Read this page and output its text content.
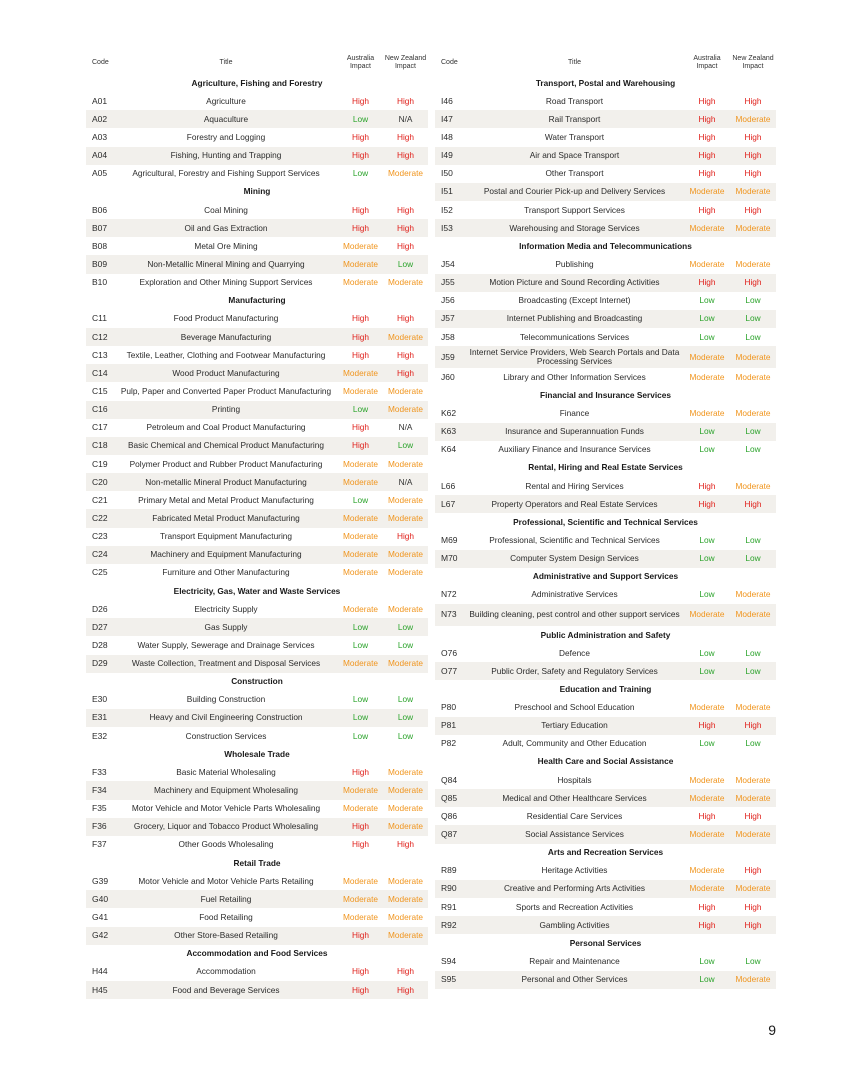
Code	Title	Australia Impact	New Zealand Impact
Agriculture, Fishing and Forestry			
A01	Agriculture	High	High
A02	Aquaculture	Low	N/A
A03	Forestry and Logging	High	High
A04	Fishing, Hunting and Trapping	High	High
A05	Agricultural, Forestry and Fishing Support Services	Low	Moderate
Mining			
B06	Coal Mining	High	High
B07	Oil and Gas Extraction	High	High
B08	Metal Ore Mining	Moderate	High
B09	Non-Metallic Mineral Mining and Quarrying	Moderate	Low
B10	Exploration and Other Mining Support Services	Moderate	Moderate
Manufacturing			
C11	Food Product Manufacturing	High	High
C12	Beverage Manufacturing	High	Moderate
C13	Textile, Leather, Clothing and Footwear Manufacturing	High	High
C14	Wood Product Manufacturing	Moderate	High
C15	Pulp, Paper and Converted Paper Product Manufacturing	Moderate	Moderate
C16	Printing	Low	Moderate
C17	Petroleum and Coal Product Manufacturing	High	N/A
C18	Basic Chemical and Chemical Product Manufacturing	High	Low
C19	Polymer Product and Rubber Product Manufacturing	Moderate	Moderate
C20	Non-metallic Mineral Product Manufacturing	Moderate	N/A
C21	Primary Metal and Metal Product Manufacturing	Low	Moderate
C22	Fabricated Metal Product Manufacturing	Moderate	Moderate
C23	Transport Equipment Manufacturing	Moderate	High
C24	Machinery and Equipment Manufacturing	Moderate	Moderate
C25	Furniture and Other Manufacturing	Moderate	Moderate
Electricity, Gas, Water and Waste Services			
D26	Electricity Supply	Moderate	Moderate
D27	Gas Supply	Low	Low
D28	Water Supply, Sewerage and Drainage Services	Low	Low
D29	Waste Collection, Treatment and Disposal Services	Moderate	Moderate
Construction			
E30	Building Construction	Low	Low
E31	Heavy and Civil Engineering Construction	Low	Low
E32	Construction Services	Low	Low
Wholesale Trade			
F33	Basic Material Wholesaling	High	Moderate
F34	Machinery and Equipment Wholesaling	Moderate	Moderate
F35	Motor Vehicle and Motor Vehicle Parts Wholesaling	Moderate	Moderate
F36	Grocery, Liquor and Tobacco Product Wholesaling	High	Moderate
F37	Other Goods Wholesaling	High	High
Retail Trade			
G39	Motor Vehicle and Motor Vehicle Parts Retailing	Moderate	Moderate
G40	Fuel Retailing	Moderate	Moderate
G41	Food Retailing	Moderate	Moderate
G42	Other Store-Based Retailing	High	Moderate
Accommodation and Food Services			
H44	Accommodation	High	High
H45	Food and Beverage Services	High	High
Code	Title	Australia Impact	New Zealand Impact
Transport, Postal and Warehousing			
I46	Road Transport	High	High
I47	Rail Transport	High	Moderate
I48	Water Transport	High	High
I49	Air and Space Transport	High	High
I50	Other Transport	High	High
I51	Postal and Courier Pick-up and Delivery Services	Moderate	Moderate
I52	Transport Support Services	High	High
I53	Warehousing and Storage Services	Moderate	Moderate
Information Media and Telecommunications			
J54	Publishing	Moderate	Moderate
J55	Motion Picture and Sound Recording Activities	High	High
J56	Broadcasting (Except Internet)	Low	Low
J57	Internet Publishing and Broadcasting	Low	Low
J58	Telecommunications Services	Low	Low
J59	Internet Service Providers, Web Search Portals and Data Processing Services	Moderate	Moderate
J60	Library and Other Information Services	Moderate	Moderate
Financial and Insurance Services			
K62	Finance	Moderate	Moderate
K63	Insurance and Superannuation Funds	Low	Low
K64	Auxiliary Finance and Insurance Services	Low	Low
Rental, Hiring and Real Estate Services			
L66	Rental and Hiring Services	High	Moderate
L67	Property Operators and Real Estate Services	High	High
Professional, Scientific and Technical Services			
M69	Professional, Scientific and Technical Services	Low	Low
M70	Computer System Design Services	Low	Low
Administrative and Support Services			
N72	Administrative Services	Low	Moderate
N73	Building cleaning, pest control and other support services	Moderate	Moderate
Public Administration and Safety			
O76	Defence	Low	Low
O77	Public Order, Safety and Regulatory Services	Low	Low
Education and Training			
P80	Preschool and School Education	Moderate	Moderate
P81	Tertiary Education	High	High
P82	Adult, Community and Other Education	Low	Low
Health Care and Social Assistance			
Q84	Hospitals	Moderate	Moderate
Q85	Medical and Other Healthcare Services	Moderate	Moderate
Q86	Residential Care Services	High	High
Q87	Social Assistance Services	Moderate	Moderate
Arts and Recreation Services			
R89	Heritage Activities	Moderate	High
R90	Creative and Performing Arts Activities	Moderate	Moderate
R91	Sports and Recreation Activities	High	High
R92	Gambling Activities	High	High
Personal Services			
S94	Repair and Maintenance	Low	Low
S95	Personal and Other Services	Low	Moderate
9
